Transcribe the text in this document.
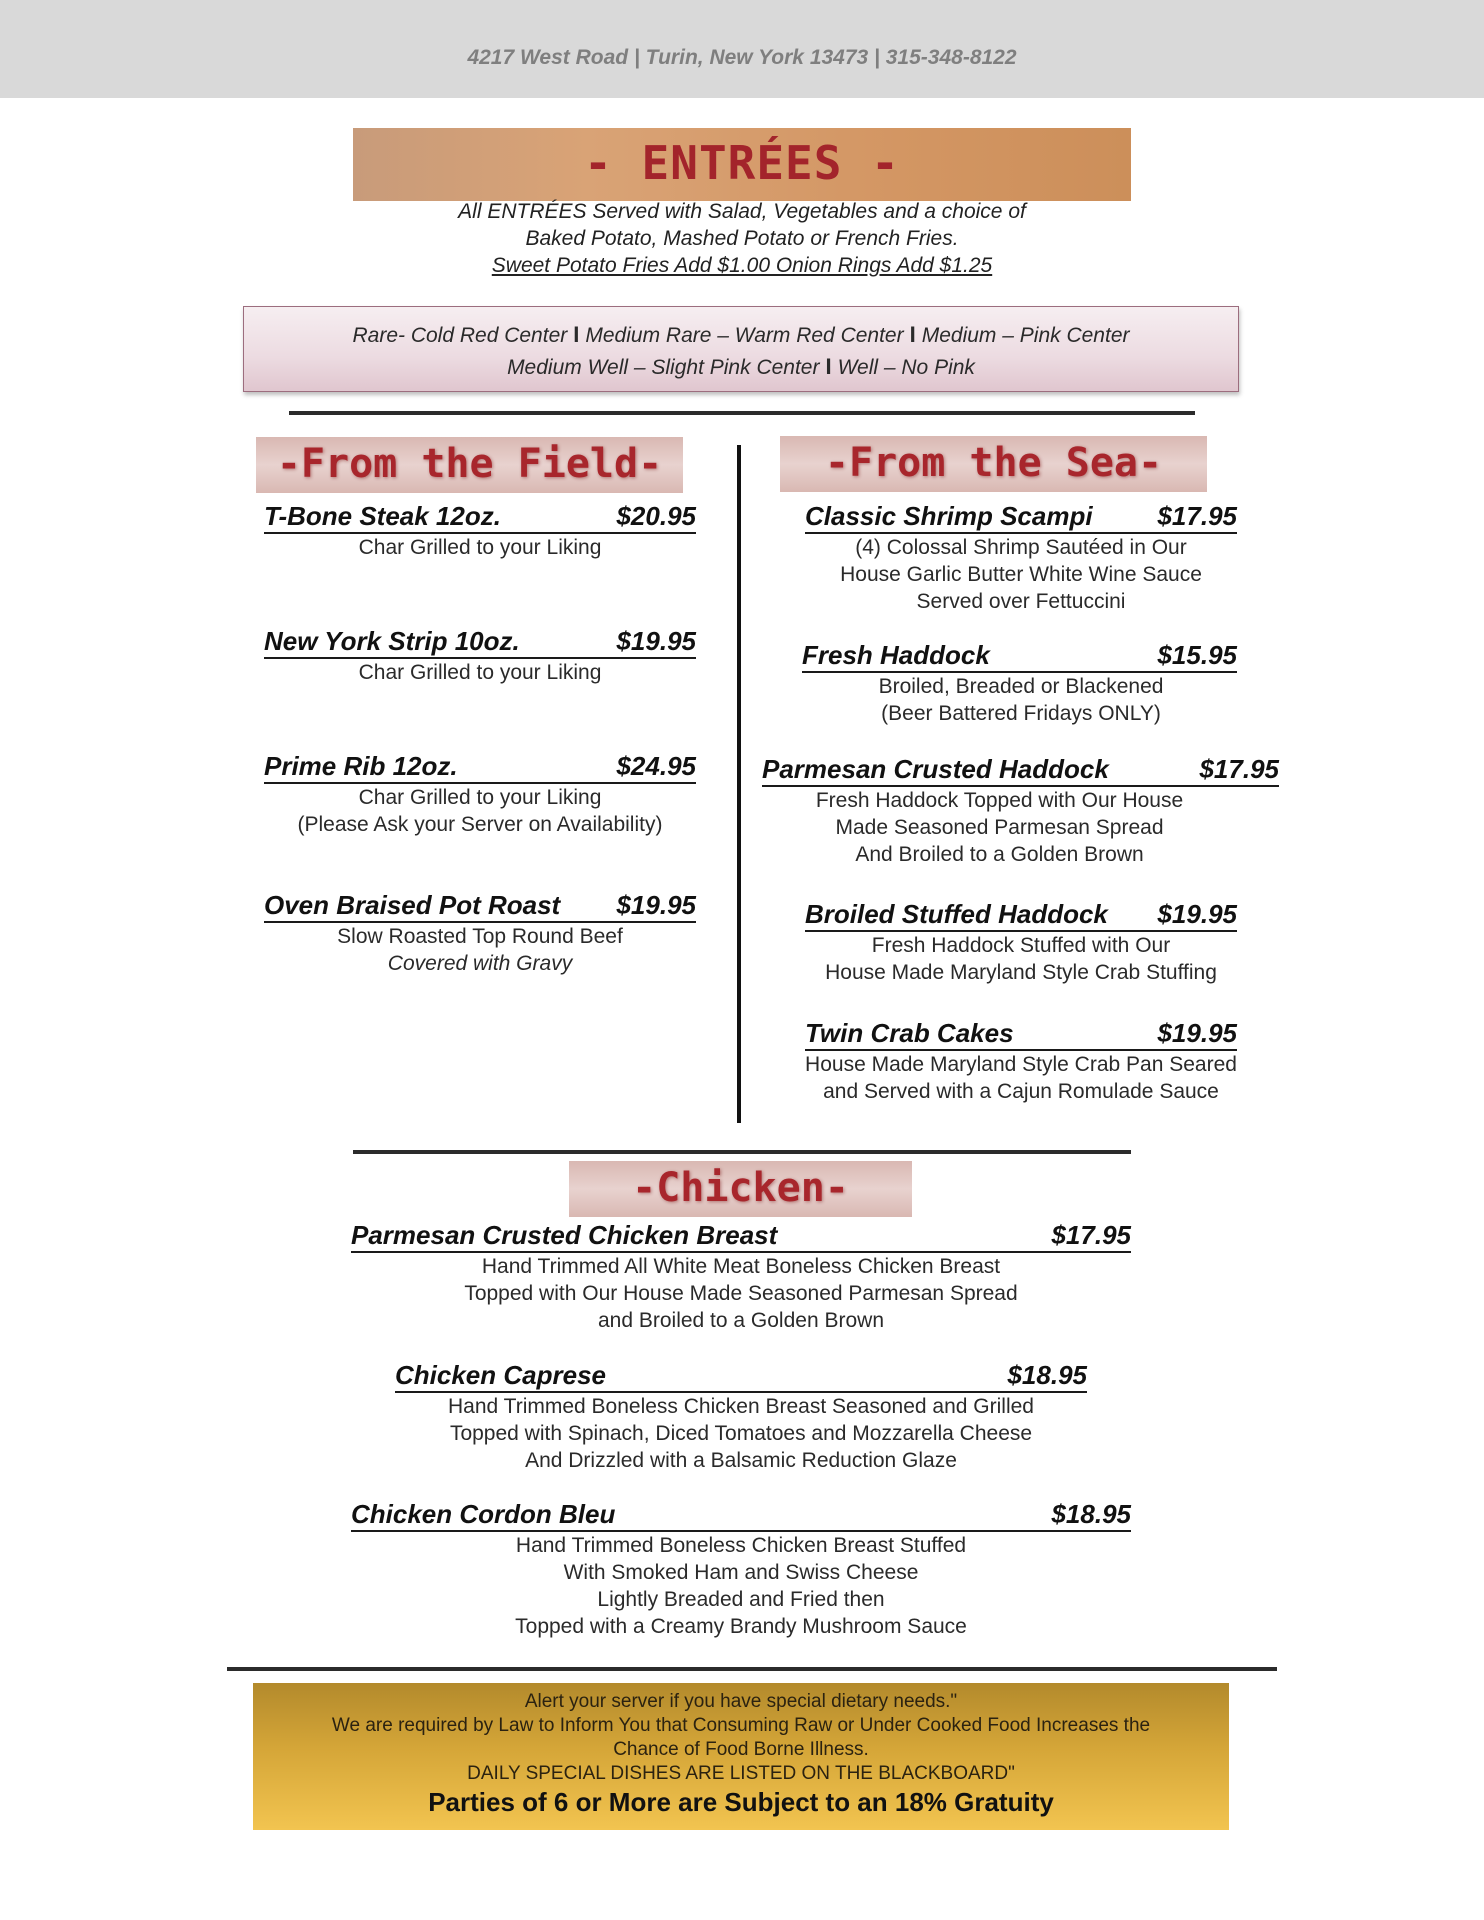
4217 West Road | Turin, New York 13473 | 315-348-8122
- ENTRÉES -
All ENTRÉES Served with Salad, Vegetables and a choice of
Baked Potato, Mashed Potato or French Fries.
Sweet Potato Fries Add $1.00 Onion Rings Add $1.25
Rare- Cold Red Center I Medium Rare – Warm Red Center I Medium – Pink Center
Medium Well – Slight Pink Center I Well – No Pink
-From the Field-
T-Bone Steak 12oz.	$20.95
Char Grilled to your Liking
New York Strip 10oz.	$19.95
Char Grilled to your Liking
Prime Rib 12oz.	$24.95
Char Grilled to your Liking
(Please Ask your Server on Availability)
Oven Braised Pot Roast $19.95
Slow Roasted Top Round Beef
Covered with Gravy
-From the Sea-
Classic Shrimp Scampi $17.95
(4) Colossal Shrimp Sautéed in Our
House Garlic Butter White Wine Sauce
Served over Fettuccini
Fresh Haddock	$15.95
Broiled, Breaded or Blackened
(Beer Battered Fridays ONLY)
Parmesan Crusted Haddock	$17.95
Fresh Haddock Topped with Our House
Made Seasoned Parmesan Spread
And Broiled to a Golden Brown
Broiled Stuffed Haddock $19.95
Fresh Haddock Stuffed with Our
House Made Maryland Style Crab Stuffing
Twin Crab Cakes	$19.95
House Made Maryland Style Crab Pan Seared
and Served with a Cajun Romulade Sauce
-Chicken-
Parmesan Crusted Chicken Breast	$17.95
Hand Trimmed All White Meat Boneless Chicken Breast
Topped with Our House Made Seasoned Parmesan Spread
and Broiled to a Golden Brown
Chicken Caprese	$18.95
Hand Trimmed Boneless Chicken Breast Seasoned and Grilled
Topped with Spinach, Diced Tomatoes and Mozzarella Cheese
And Drizzled with a Balsamic Reduction Glaze
Chicken Cordon Bleu	$18.95
Hand Trimmed Boneless Chicken Breast Stuffed
With Smoked Ham and Swiss Cheese
Lightly Breaded and Fried then
Topped with a Creamy Brandy Mushroom Sauce
Alert your server if you have special dietary needs."
We are required by Law to Inform You that Consuming Raw or Under Cooked Food Increases the
Chance of Food Borne Illness.
DAILY SPECIAL DISHES ARE LISTED ON THE BLACKBOARD"
Parties of 6 or More are Subject to an 18% Gratuity
